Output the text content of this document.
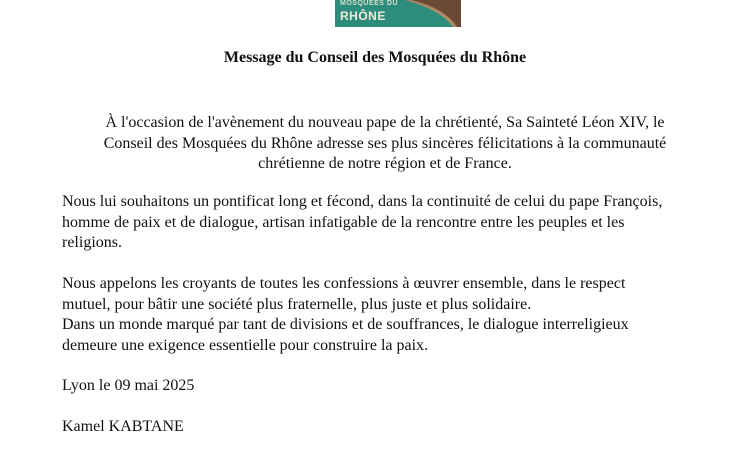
MOSQUÉES DU
RHÔNE
Message du Conseil des Mosquées du Rhône
À l'occasion de l'avènement du nouveau pape de la chrétienté, Sa Sainteté Léon XIV, le
Conseil des Mosquées du Rhône adresse ses plus sincères félicitations à la communauté
chrétienne de notre région et de France.
Nous lui souhaitons un pontificat long et fécond, dans la continuité de celui du pape François,
homme de paix et de dialogue, artisan infatigable de la rencontre entre les peuples et les
religions.
Nous appelons les croyants de toutes les confessions à œuvrer ensemble, dans le respect
mutuel, pour bâtir une société plus fraternelle, plus juste et plus solidaire.
Dans un monde marqué par tant de divisions et de souffrances, le dialogue interreligieux
demeure une exigence essentielle pour construire la paix.

Lyon le 09 mai 2025

Kamel KABTANE
